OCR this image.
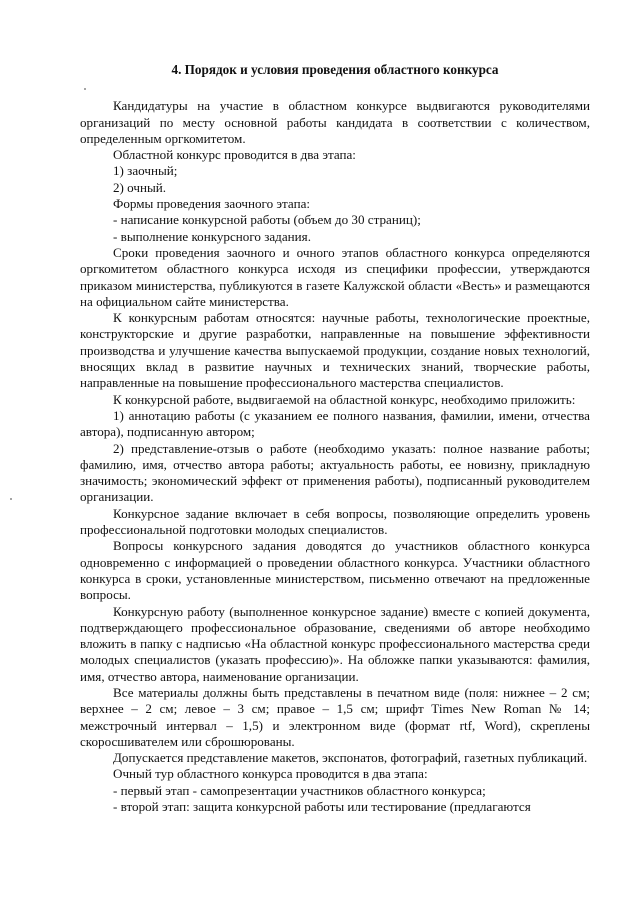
4. Порядок и условия проведения областного конкурса

Кандидатуры на участие в областном конкурсе выдвигаются руководителями организаций по месту основной работы кандидата в соответствии с количеством, определенным оргкомитетом.

Областной конкурс проводится в два этапа:

1) заочный;

2) очный.

Формы проведения заочного этапа:

- написание конкурсной работы (объем до 30 страниц);

- выполнение конкурсного задания.

Сроки проведения заочного и очного этапов областного конкурса определяются оргкомитетом областного конкурса исходя из специфики профессии, утверждаются приказом министерства, публикуются в газете Калужской области «Весть» и размещаются на официальном сайте министерства.

К конкурсным работам относятся: научные работы, технологические проектные, конструкторские и другие разработки, направленные на повышение эффективности производства и улучшение качества выпускаемой продукции, создание новых технологий, вносящих вклад в развитие научных и технических знаний, творческие работы, направленные на повышение профессионального мастерства специалистов.

К конкурсной работе, выдвигаемой на областной конкурс, необходимо приложить:

1) аннотацию работы (с указанием ее полного названия, фамилии, имени, отчества автора), подписанную автором;

2) представление-отзыв о работе (необходимо указать: полное название работы; фамилию, имя, отчество автора работы; актуальность работы, ее новизну, прикладную значимость; экономический эффект от применения работы), подписанный руководителем организации.

Конкурсное задание включает в себя вопросы, позволяющие определить уровень профессиональной подготовки молодых специалистов.

Вопросы конкурсного задания доводятся до участников областного конкурса одновременно с информацией о проведении областного конкурса. Участники областного конкурса в сроки, установленные министерством, письменно отвечают на предложенные вопросы.

Конкурсную работу (выполненное конкурсное задание) вместе с копией документа, подтверждающего профессиональное образование, сведениями об авторе необходимо вложить в папку с надписью «На областной конкурс профессионального мастерства среди молодых специалистов (указать профессию)». На обложке папки указываются: фамилия, имя, отчество автора, наименование организации.

Все материалы должны быть представлены в печатном виде (поля: нижнее – 2 см; верхнее – 2 см; левое – 3 см; правое – 1,5 см; шрифт Times New Roman № 14; межстрочный интервал – 1,5) и электронном виде (формат rtf, Word), скреплены скоросшивателем или сброшюрованы.

Допускается представление макетов, экспонатов, фотографий, газетных публикаций.

Очный тур областного конкурса проводится в два этапа:

- первый этап - самопрезентации участников областного конкурса;

- второй этап: защита конкурсной работы или тестирование (предлагаются
